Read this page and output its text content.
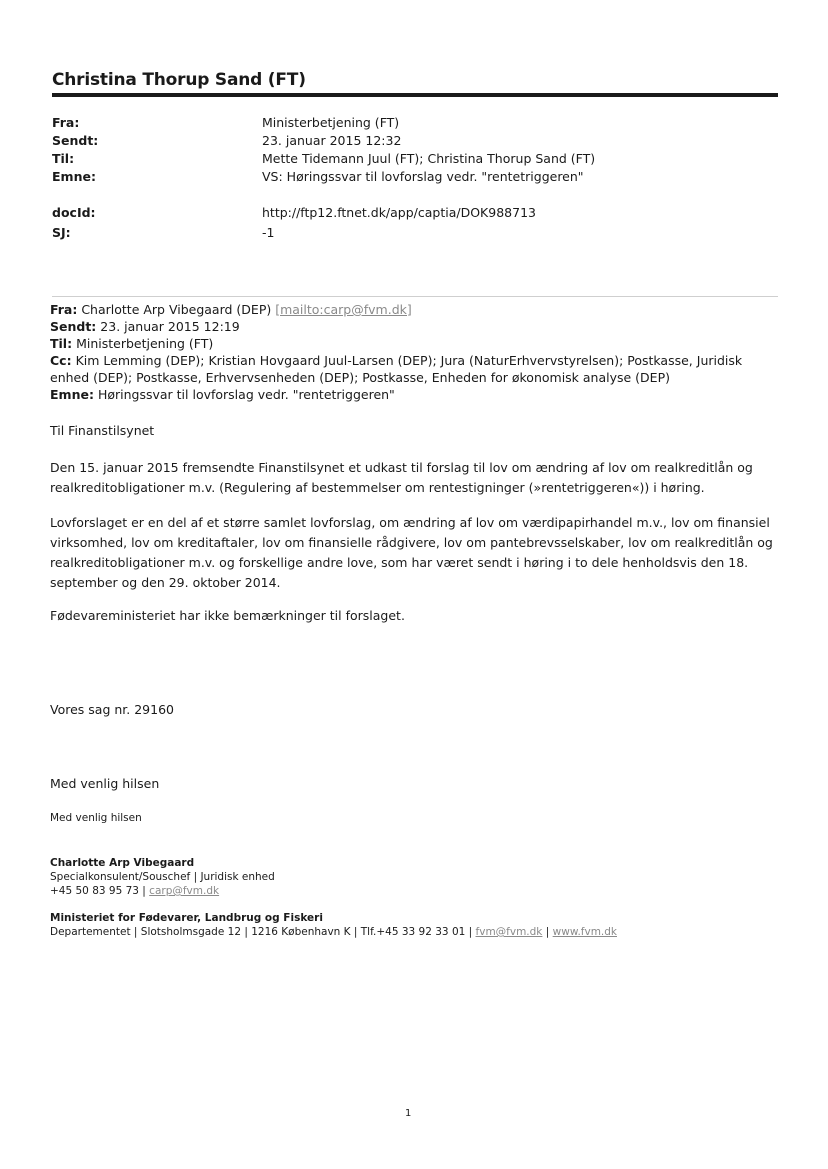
Christina Thorup Sand (FT)
Fra:	Ministerbetjening (FT)
Sendt:	23. januar 2015 12:32
Til:	Mette Tidemann Juul (FT); Christina Thorup Sand (FT)
Emne:	VS: Høringssvar til lovforslag vedr. "rentetriggeren"
docId:	http://ftp12.ftnet.dk/app/captia/DOK988713
SJ:	-1
Fra: Charlotte Arp Vibegaard (DEP) [mailto:carp@fvm.dk]
Sendt: 23. januar 2015 12:19
Til: Ministerbetjening (FT)
Cc: Kim Lemming (DEP); Kristian Hovgaard Juul-Larsen (DEP); Jura (NaturErhvervstyrelsen); Postkasse, Juridisk
enhed (DEP); Postkasse, Erhvervsenheden (DEP); Postkasse, Enheden for økonomisk analyse (DEP)
Emne: Høringssvar til lovforslag vedr. "rentetriggeren"
Til Finanstilsynet
Den 15. januar 2015 fremsendte Finanstilsynet et udkast til forslag til lov om ændring af lov om realkreditlån og realkreditobligationer m.v. (Regulering af bestemmelser om rentestigninger (»rentetriggeren«)) i høring.
Lovforslaget er en del af et større samlet lovforslag, om ændring af lov om værdipapirhandel m.v., lov om finansiel virksomhed, lov om kreditaftaler, lov om finansielle rådgivere, lov om pantebrevsselskaber, lov om realkreditlån og realkreditobligationer m.v. og forskellige andre love, som har været sendt i høring i to dele henholdsvis den 18. september og den 29. oktober 2014.
Fødevareministeriet har ikke bemærkninger til forslaget.
Vores sag nr. 29160
Med venlig hilsen
Med venlig hilsen
Charlotte Arp Vibegaard
Specialkonsulent/Souschef | Juridisk enhed
+45 50 83 95 73 | carp@fvm.dk
Ministeriet for Fødevarer, Landbrug og Fiskeri
Departementet | Slotsholmsgade 12 | 1216 København K | Tlf.+45 33 92 33 01 | fvm@fvm.dk | www.fvm.dk
1
